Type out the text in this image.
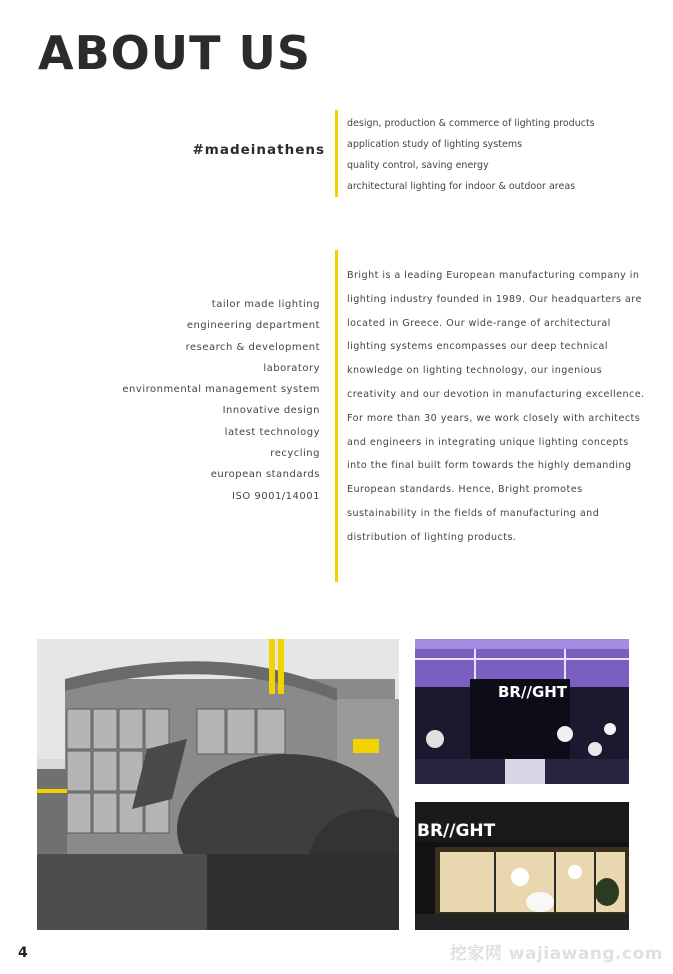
ABOUT US
#madeinathens
design, production & commerce of lighting products
application study of lighting systems
quality control, saving energy
architectural lighting for indoor & outdoor areas
tailor made lighting
engineering department
research & development
laboratory
environmental management system
Innovative design
latest technology
recycling
european standards
ISO 9001/14001

Bright is a leading European manufacturing company in lighting industry founded in 1989. Our headquarters are located in Greece. Our wide-range of architectural lighting systems encompasses our deep technical knowledge on lighting technology, our ingenious creativity and our devotion in manufacturing excellence.

For more than 30 years, we work closely with architects and engineers in integrating unique lighting concepts into the final built form towards the highly demanding European standards. Hence, Bright promotes sustainability in the fields of manufacturing and distribution of lighting products.

BR//GHT
BR//GHT
4	挖家网 wajiawang.com
